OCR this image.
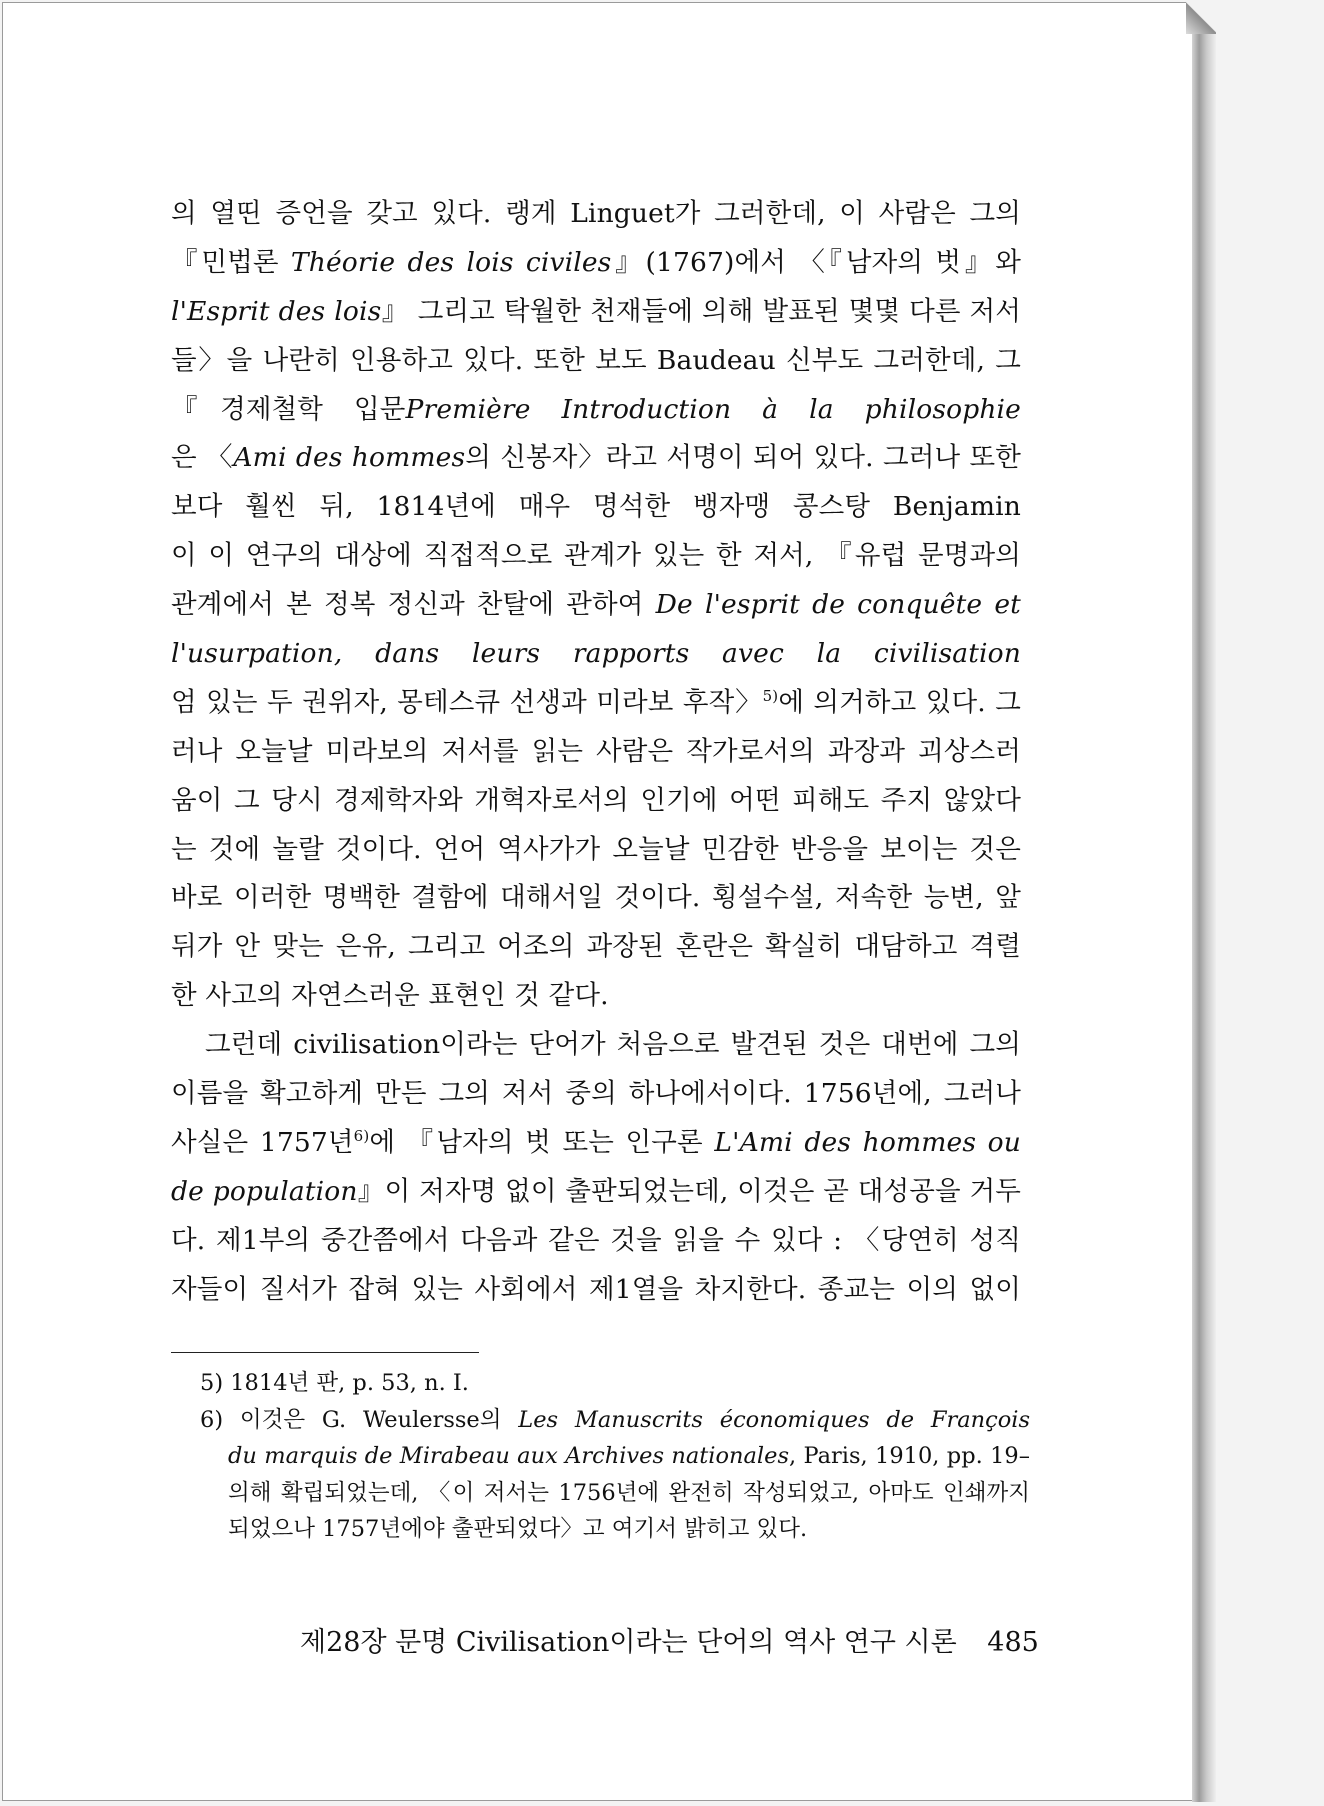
의 열띤 증언을 갖고 있다. 랭게 Linguet가 그러한데, 이 사람은 그의
『민법론 Théorie des lois civiles』(1767)에서 〈『남자의 벗』와
l'Esprit des lois』 그리고 탁월한 천재들에 의해 발표된 몇몇 다른 저서
들〉을 나란히 인용하고 있다. 또한 보도 Baudeau 신부도 그러한데, 그
『경제철학 입문Première Introduction à la philosophie
은 〈Ami des hommes의 신봉자〉라고 서명이 되어 있다. 그러나 또한
보다 훨씬 뒤, 1814년에 매우 명석한 뱅자맹 콩스탕 Benjamin
이 이 연구의 대상에 직접적으로 관계가 있는 한 저서, 『유럽 문명과의
관계에서 본 정복 정신과 찬탈에 관하여 De l'esprit de conquête et
l'usurpation, dans leurs rapports avec la civilisation
엄 있는 두 권위자, 몽테스큐 선생과 미라보 후작〉$^{5)}$에 의거하고 있다. 그
러나 오늘날 미라보의 저서를 읽는 사람은 작가로서의 과장과 괴상스러
움이 그 당시 경제학자와 개혁자로서의 인기에 어떤 피해도 주지 않았다
는 것에 놀랄 것이다. 언어 역사가가 오늘날 민감한 반응을 보이는 것은
바로 이러한 명백한 결함에 대해서일 것이다. 횡설수설, 저속한 능변, 앞
뒤가 안 맞는 은유, 그리고 어조의 과장된 혼란은 확실히 대담하고 격렬
한 사고의 자연스러운 표현인 것 같다.
그런데 civilisation이라는 단어가 처음으로 발견된 것은 대번에 그의
이름을 확고하게 만든 그의 저서 중의 하나에서이다. 1756년에, 그러나
사실은 1757년$^{6)}$에 『남자의 벗 또는 인구론 L'Ami des hommes ou
de population』이 저자명 없이 출판되었는데, 이것은 곧 대성공을 거두
다. 제1부의 중간쯤에서 다음과 같은 것을 읽을 수 있다 : 〈당연히 성직
자들이 질서가 잡혀 있는 사회에서 제1열을 차지한다. 종교는 이의 없이
5) 1814년 판, p. 53, n. I.
6) 이것은 G. Weulersse의 Les Manuscrits économiques de François
du marquis de Mirabeau aux Archives nationales, Paris, 1910, pp. 19–
의해 확립되었는데, 〈이 저서는 1756년에 완전히 작성되었고, 아마도 인쇄까지
되었으나 1757년에야 출판되었다〉고 여기서 밝히고 있다.
제28장 문명 Civilisation이라는 단어의 역사 연구 시론 485
